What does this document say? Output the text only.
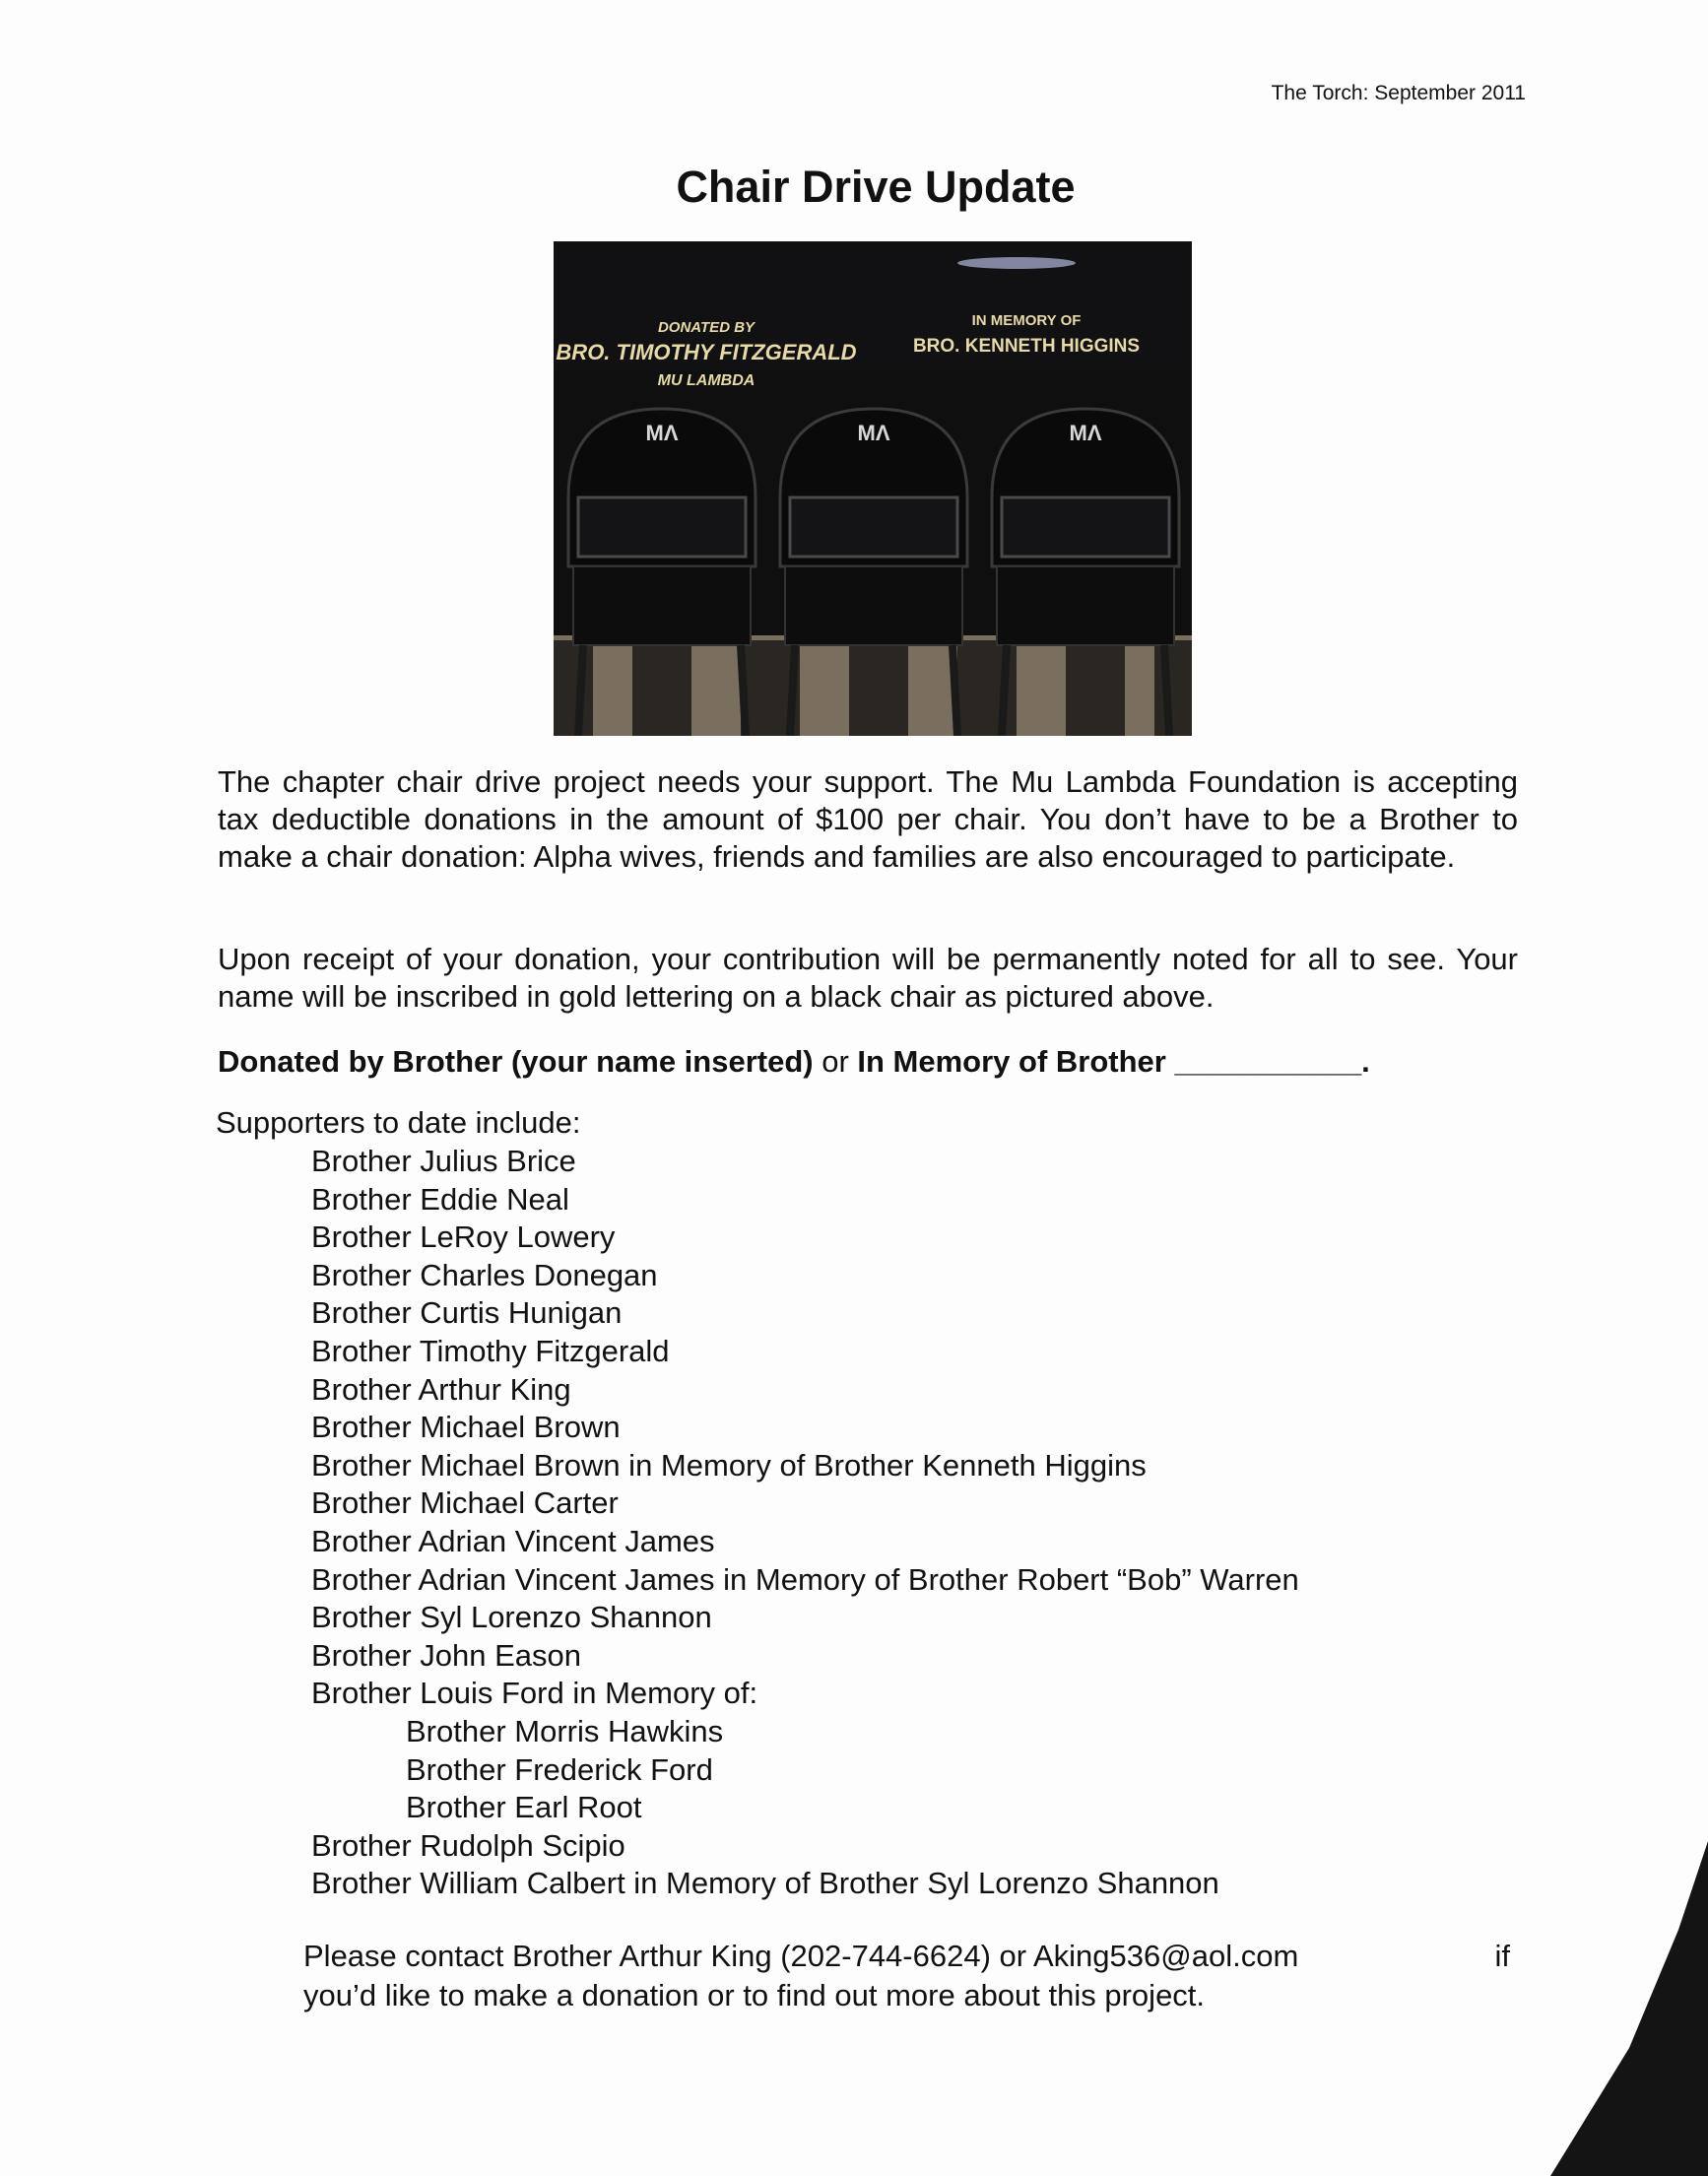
The Torch: September 2011
Chair Drive Update
DONATED BY
BRO. TIMOTHY FITZGERALD
MU LAMBDA
IN MEMORY OF
BRO. KENNETH HIGGINS
MΛ	MΛ	MΛ
The chapter chair drive project needs your support. The Mu Lambda Foundation is accepting tax deductible donations in the amount of $100 per chair. You don’t have to be a Brother to make a chair donation: Alpha wives, friends and families are also encouraged to participate.
Upon receipt of your donation, your contribution will be permanently noted for all to see. Your name will be inscribed in gold lettering on a black chair as pictured above.
Donated by Brother (your name inserted) or In Memory of Brother ___________.
Supporters to date include:
Brother Julius Brice
Brother Eddie Neal
Brother LeRoy Lowery
Brother Charles Donegan
Brother Curtis Hunigan
Brother Timothy Fitzgerald
Brother Arthur King
Brother Michael Brown
Brother Michael Brown in Memory of Brother Kenneth Higgins
Brother Michael Carter
Brother Adrian Vincent James
Brother Adrian Vincent James in Memory of Brother Robert “Bob” Warren
Brother Syl Lorenzo Shannon
Brother John Eason
Brother Louis Ford in Memory of:
Brother Morris Hawkins
Brother Frederick Ford
Brother Earl Root
Brother Rudolph Scipio
Brother William Calbert in Memory of Brother Syl Lorenzo Shannon
Please contact Brother Arthur King (202-744-6624) or Aking536@aol.com	if
you’d like to make a donation or to find out more about this project.
